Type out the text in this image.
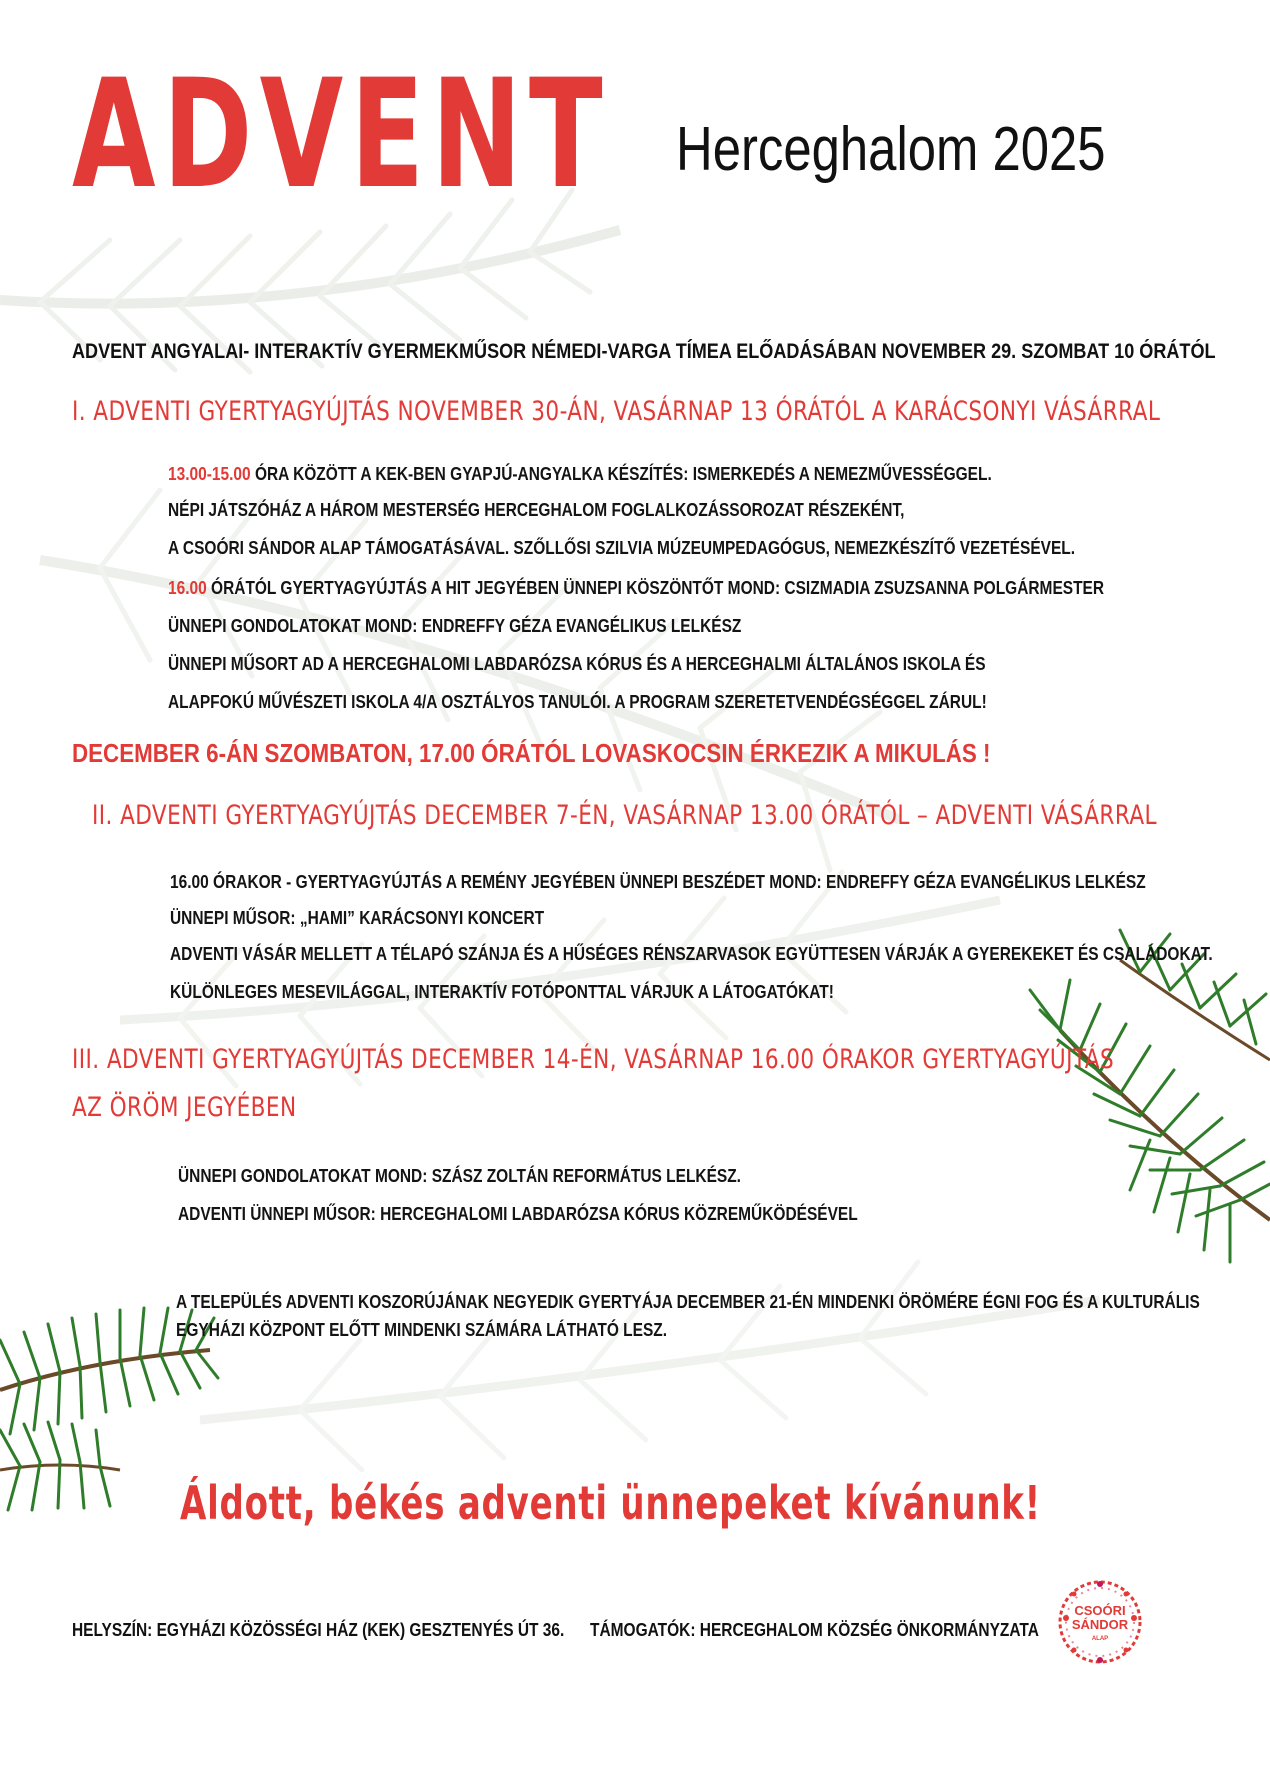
ADVENT Herceghalom 2025
ADVENT ANGYALAI- INTERAKTÍV GYERMEKMŰSOR NÉMEDI-VARGA TÍMEA ELŐADÁSÁBAN NOVEMBER 29. SZOMBAT 10 ÓRÁTÓL
I. ADVENTI GYERTYAGYÚJTÁS NOVEMBER 30-ÁN, VASÁRNAP 13 ÓRÁTÓL A KARÁCSONYI VÁSÁRRAL
13.00-15.00 ÓRA KÖZÖTT A KEK-BEN GYAPJÚ-ANGYALKA KÉSZÍTÉS: ISMERKEDÉS A NEMEZMŰVESSÉGGEL.
NÉPI JÁTSZÓHÁZ A HÁROM MESTERSÉG HERCEGHALOM FOGLALKOZÁSSOROZAT RÉSZEKÉNT,
A CSOÓRI SÁNDOR ALAP TÁMOGATÁSÁVAL. SZŐLLŐSI SZILVIA MÚZEUMPEDAGÓGUS, NEMEZKÉSZÍTŐ VEZETÉSÉVEL.
16.00 ÓRÁTÓL GYERTYAGYÚJTÁS A HIT JEGYÉBEN ÜNNEPI KÖSZÖNTŐT MOND: CSIZMADIA ZSUZSANNA POLGÁRMESTER
ÜNNEPI GONDOLATOKAT MOND: ENDREFFY GÉZA EVANGÉLIKUS LELKÉSZ
ÜNNEPI MŰSORT AD A HERCEGHALOMI LABDARÓZSA KÓRUS ÉS A HERCEGHALMI ÁLTALÁNOS ISKOLA ÉS
ALAPFOKÚ MŰVÉSZETI ISKOLA 4/A OSZTÁLYOS TANULÓI. A PROGRAM SZERETETVENDÉGSÉGGEL ZÁRUL!
DECEMBER 6-ÁN SZOMBATON, 17.00 ÓRÁTÓL LOVASKOCSIN ÉRKEZIK A MIKULÁS !
II. ADVENTI GYERTYAGYÚJTÁS DECEMBER 7-ÉN, VASÁRNAP 13.00 ÓRÁTÓL – ADVENTI VÁSÁRRAL
16.00 ÓRAKOR - GYERTYAGYÚJTÁS A REMÉNY JEGYÉBEN ÜNNEPI BESZÉDET MOND: ENDREFFY GÉZA EVANGÉLIKUS LELKÉSZ
ÜNNEPI MŰSOR: „HAMI” KARÁCSONYI KONCERT
ADVENTI VÁSÁR MELLETT A TÉLAPÓ SZÁNJA ÉS A HŰSÉGES RÉNSZARVASOK EGYÜTTESEN VÁRJÁK A GYEREKEKET ÉS CSALÁDOKAT.
KÜLÖNLEGES MESEVILÁGGAL, INTERAKTÍV FOTÓPONTTAL VÁRJUK A LÁTOGATÓKAT!
III. ADVENTI GYERTYAGYÚJTÁS DECEMBER 14-ÉN, VASÁRNAP 16.00 ÓRAKOR GYERTYAGYÚJTÁS
AZ ÖRÖM JEGYÉBEN
ÜNNEPI GONDOLATOKAT MOND: SZÁSZ ZOLTÁN REFORMÁTUS LELKÉSZ.
ADVENTI ÜNNEPI MŰSOR: HERCEGHALOMI LABDARÓZSA KÓRUS KÖZREMŰKÖDÉSÉVEL
A TELEPÜLÉS ADVENTI KOSZORÚJÁNAK NEGYEDIK GYERTYÁJA DECEMBER 21-ÉN MINDENKI ÖRÖMÉRE ÉGNI FOG ÉS A KULTURÁLIS
EGYHÁZI KÖZPONT ELŐTT MINDENKI SZÁMÁRA LÁTHATÓ LESZ.
Áldott, békés adventi ünnepeket kívánunk!
HELYSZÍN: EGYHÁZI KÖZÖSSÉGI HÁZ (KEK) GESZTENYÉS ÚT 36. TÁMOGATÓK: HERCEGHALOM KÖZSÉG ÖNKORMÁNYZATA
CSOÓRI
SÁNDOR
ALAP
